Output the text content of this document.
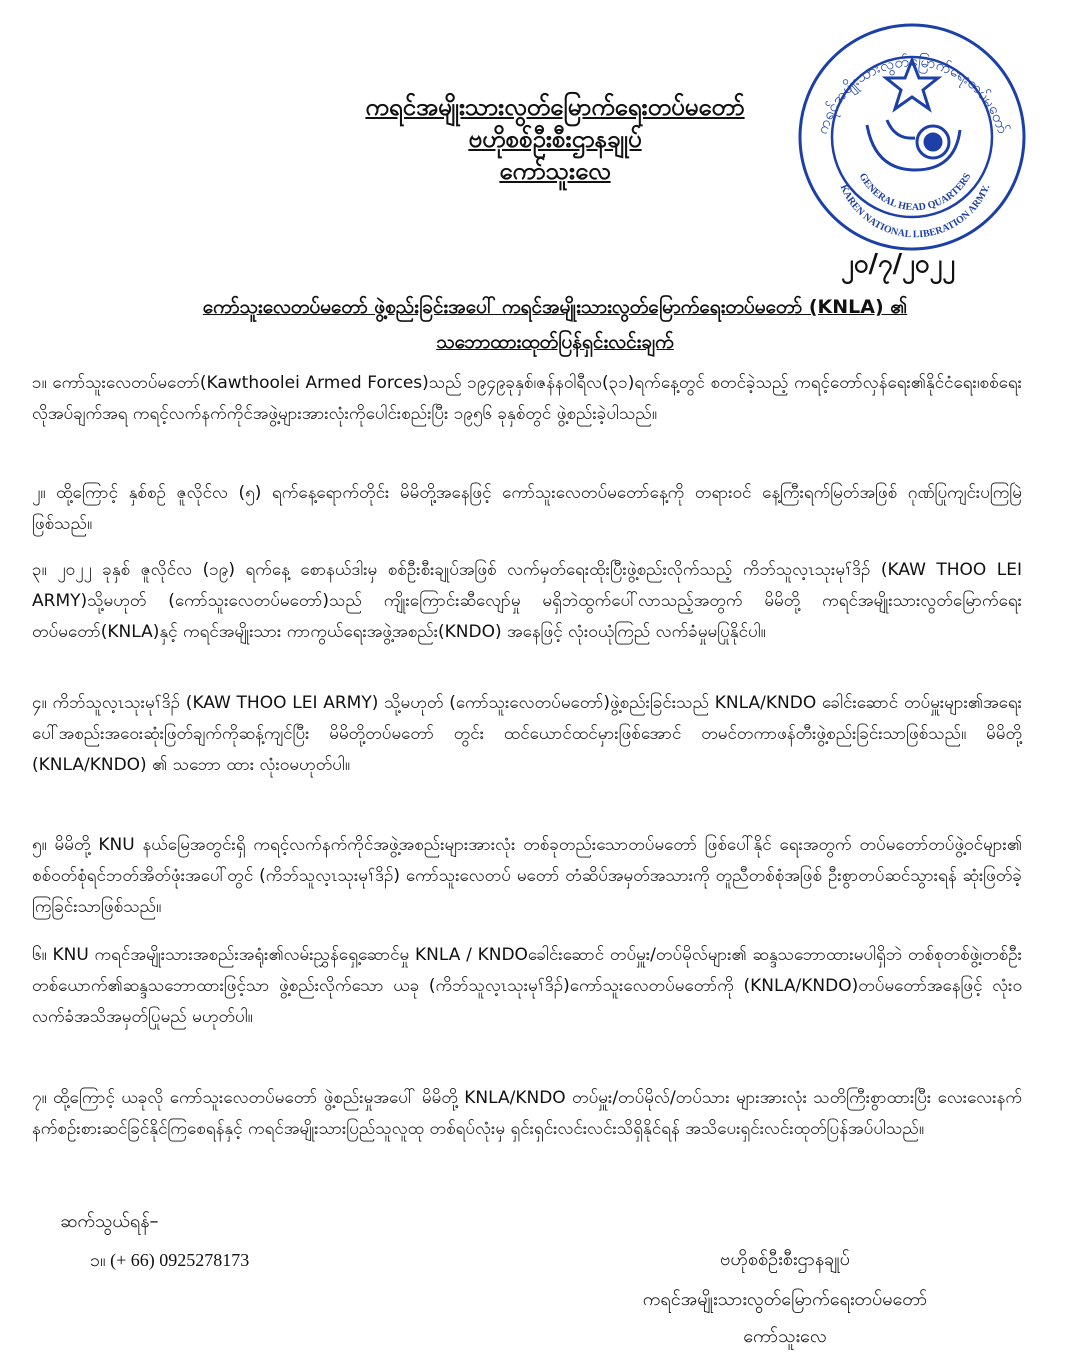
ကရင်အမျိုးသားလွတ်မြောက်ရေးတပ်မတော်
ဗဟိုစစ်ဦးစီးဌာနချုပ်
ကော်သူးလေ
ကရင်အမျိုးသားလွတ်မြောက်ရေးတပ်မတော်
GENERAL HEAD QUARTERS
KAREN NATIONAL LIBERATION ARMY.
၂၀/၇/၂၀၂၂
ကော်သူးလေတပ်မတော် ဖွဲ့စည်းခြင်းအပေါ် ကရင်အမျိုးသားလွတ်မြောက်ရေးတပ်မတော် (KNLA) ၏
သဘောထားထုတ်ပြန်ရှင်းလင်းချက်
၁။ ကော်သူးလေတပ်မတော်(Kawthoolei Armed Forces)သည် ၁၉၄၉ခုနှစ်၊ဇန်နဝါရီလ(၃၁)ရက်နေ့တွင် စတင်ခဲ့သည့် ကရင့်တော်လှန်ရေး၏နိုင်ငံရေး၊စစ်ရေးလိုအပ်ချက်အရ ကရင့်လက်နက်ကိုင်အဖွဲ့များအားလုံးကိုပေါင်းစည်းပြီး ၁၉၅၆ ခုနှစ်တွင် ဖွဲ့စည်းခဲ့ပါသည်။
၂။ ထို့ကြောင့် နှစ်စဉ် ဇူလိုင်လ (၅) ရက်နေ့ရောက်တိုင်း မိမိတို့အနေဖြင့် ကော်သူးလေတပ်မတော်နေ့ကို တရားဝင် နေ့ကြီးရက်မြတ်အဖြစ် ဂုဏ်ပြုကျင်းပကြမြဲဖြစ်သည်။
၃။ ၂၀၂၂ ခုနှစ် ဇူလိုင်လ (၁၉) ရက်နေ့ စောနယ်ဒါးမှ စစ်ဦးစီးချုပ်အဖြစ် လက်မှတ်ရေးထိုးပြီးဖွဲ့စည်းလိုက်သည့် ကိဘ်သူလ့ၤသုးမုၢ်ဒိၣ် (KAW THOO LEI ARMY)သို့မဟုတ် (ကော်သူးလေတပ်မတော်)သည် ကျိုးကြောင်းဆီလျော်မှု မရှိဘဲထွက်ပေါ်လာသည့်အတွက် မိမိတို့ ကရင်အမျိုးသားလွတ်မြောက်ရေးတပ်မတော်(KNLA)နှင့် ကရင်အမျိုးသား ကာကွယ်ရေးအဖွဲ့အစည်း(KNDO) အနေဖြင့် လုံးဝယုံကြည် လက်ခံမှုမပြုနိုင်ပါ။
၄။ ကိဘ်သူလ့ၤသုးမုၢ်ဒိၣ် (KAW THOO LEI ARMY) သို့မဟုတ် (ကော်သူးလေတပ်မတော်)ဖွဲ့စည်းခြင်းသည် KNLA/KNDO ခေါင်းဆောင် တပ်မှူးများ၏အရေးပေါ်အစည်းအဝေးဆုံးဖြတ်ချက်ကိုဆန့်ကျင်ပြီး မိမိတို့တပ်မတော် တွင်း ထင်ယောင်ထင်မှားဖြစ်အောင် တမင်တကာဖန်တီးဖွဲ့စည်းခြင်းသာဖြစ်သည်။ မိမိတို့ (KNLA/KNDO) ၏ သဘော ထား လုံးဝမဟုတ်ပါ။
၅။ မိမိတို့ KNU နယ်မြေအတွင်းရှိ ကရင့်လက်နက်ကိုင်အဖွဲ့အစည်းများအားလုံး တစ်ခုတည်းသောတပ်မတော် ဖြစ်ပေါ်နိုင် ရေးအတွက် တပ်မတော်တပ်ဖွဲ့ဝင်များ၏ စစ်ဝတ်စုံရင်ဘတ်အိတ်ဖုံးအပေါ်တွင် (ကိဘ်သူလ့ၤသုးမုၢ်ဒိၣ်) ကော်သူးလေတပ် မတော် တံဆိပ်အမှတ်အသားကို တူညီတစ်စုံအဖြစ် ဦးစွာတပ်ဆင်သွားရန် ဆုံးဖြတ်ခဲ့ကြခြင်းသာဖြစ်သည်။
၆။ KNU ကရင်အမျိုးသားအစည်းအရုံး၏လမ်းညွှန်ရှေ့ဆောင်မှု KNLA / KNDOခေါင်းဆောင် တပ်မှူး/တပ်မိုလ်များ၏ ဆန္ဒသဘောထားမပါရှိဘဲ တစ်စုတစ်ဖွဲ့၊တစ်ဦးတစ်ယောက်၏ဆန္ဒသဘောထားဖြင့်သာ ဖွဲ့စည်းလိုက်သော ယခု (ကိဘ်သူလ့ၤသုးမုၢ်ဒိၣ်)ကော်သူးလေတပ်မတော်ကို (KNLA/KNDO)တပ်မတော်အနေဖြင့် လုံးဝလက်ခံအသိအမှတ်ပြုမည် မဟုတ်ပါ။
၇။ ထို့ကြောင့် ယခုလို ကော်သူးလေတပ်မတော် ဖွဲ့စည်းမှုအပေါ် မိမိတို့ KNLA/KNDO တပ်မှူး/တပ်မိုလ်/တပ်သား များအားလုံး သတိကြီးစွာထားပြီး လေးလေးနက်နက်စဉ်းစားဆင်ခြင်နိုင်ကြစေရန်နှင့် ကရင်အမျိုးသားပြည်သူလူထု တစ်ရပ်လုံးမှ ရှင်းရှင်းလင်းလင်းသိရှိနိုင်ရန် အသိပေးရှင်းလင်းထုတ်ပြန်အပ်ပါသည်။
ဆက်သွယ်ရန်–
၁။ (+ 66) 0925278173	ဗဟိုစစ်ဦးစီးဌာနချုပ်
ကရင်အမျိုးသားလွတ်မြောက်ရေးတပ်မတော်
ကော်သူးလေ
